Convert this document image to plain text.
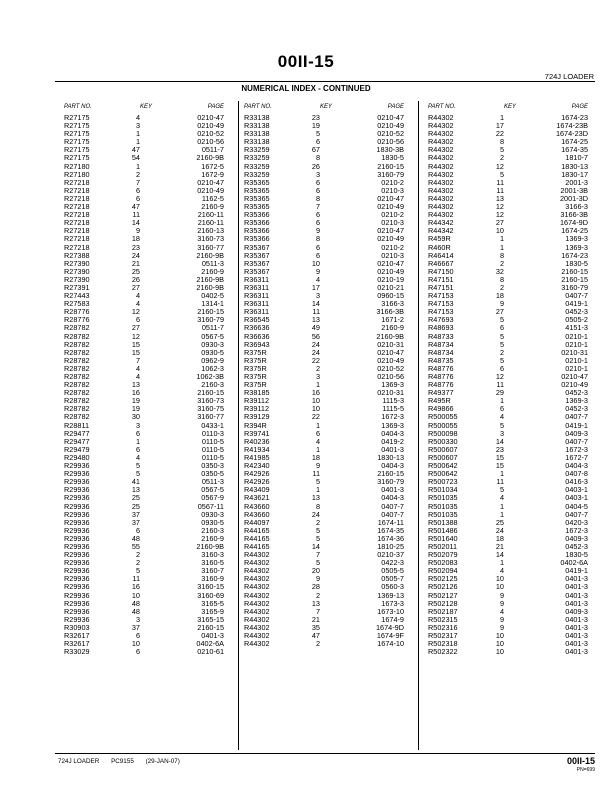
00II-15
724J LOADER
NUMERICAL INDEX - CONTINUED
PART NO.	KEY	PAGE
R27175	4	0210-47
R27175	3	0210-49
R27175	1	0210-52
R27175	1	0210-56
R27175	47	0511-7
R27175	54	2160-9B
R27180	1	1672-5
R27180	2	1672-9
R27218	7	0210-47
R27218	6	0210-49
R27218	6	1162-5
R27218	47	2160-9
R27218	11	2160-11
R27218	14	2160-11
R27218	9	2160-13
R27218	18	3160-73
R27218	23	3160-77
R27388	24	2160-9B
R27390	21	0511-3
R27390	25	2160-9
R27390	26	2160-9B
R27391	27	2160-9B
R27443	4	0402-5
R27583	4	1314-1
R28776	12	2160-15
R28776	6	3160-79
R28782	27	0511-7
R28782	12	0567-5
R28782	15	0930-3
R28782	15	0930-5
R28782	7	0962-9
R28782	4	1062-3
R28782	4	1062-3B
R28782	13	2160-3
R28782	16	2160-15
R28782	19	3160-73
R28782	19	3160-75
R28782	30	3160-77
R28811	3	0433-1
R29477	6	0110-3
R29477	1	0110-5
R29479	6	0110-5
R29480	4	0110-5
R29936	5	0350-3
R29936	5	0350-5
R29936	41	0511-3
R29936	13	0567-5
R29936	25	0567-9
R29936	25	0567-11
R29936	37	0930-3
R29936	37	0930-5
R29936	6	2160-3
R29936	48	2160-9
R29936	55	2160-9B
R29936	2	3160-3
R29936	2	3160-5
R29936	5	3160-7
R29936	11	3160-9
R29936	16	3160-15
R29936	10	3160-69
R29936	48	3165-5
R29936	48	3165-9
R29936	3	3165-15
R30903	37	2160-15
R32617	6	0401-3
R32617	10	0402-6A
R33029	6	0210-61
PART NO.	KEY	PAGE
R33138	23	0210-47
R33138	19	0210-49
R33138	5	0210-52
R33138	6	0210-56
R33259	67	1830-3B
R33259	8	1830-5
R33259	26	2160-15
R33259	3	3160-79
R35365	6	0210-2
R35365	6	0210-3
R35365	8	0210-47
R35365	7	0210-49
R35366	6	0210-2
R35366	6	0210-3
R35366	9	0210-47
R35366	8	0210-49
R35367	6	0210-2
R35367	6	0210-3
R35367	10	0210-47
R35367	9	0210-49
R36311	4	0210-19
R36311	17	0210-21
R36311	3	0960-15
R36311	14	3166-3
R36311	11	3166-3B
R36545	13	1671-2
R36636	49	2160-9
R36636	56	2160-9B
R36943	24	0210-31
R375R	24	0210-47
R375R	22	0210-49
R375R	2	0210-52
R375R	3	0210-56
R375R	1	1369-3
R38185	16	0210-31
R39112	10	1115-3
R39112	10	1115-5
R39129	22	1672-3
R394R	1	1369-3
R39741	6	0404-3
R40236	4	0419-2
R41934	1	0401-3
R41985	18	1830-13
R42340	9	0404-3
R42926	11	2160-15
R42926	5	3160-79
R43409	1	0401-3
R43621	13	0404-3
R43660	8	0407-7
R43660	24	0407-7
R44097	2	1674-11
R44165	5	1674-35
R44165	5	1674-36
R44165	14	1810-25
R44302	7	0210-37
R44302	5	0422-3
R44302	20	0505-5
R44302	9	0505-7
R44302	28	0560-3
R44302	2	1369-13
R44302	13	1673-3
R44302	7	1673-10
R44302	21	1674-9
R44302	35	1674-9D
R44302	47	1674-9F
R44302	2	1674-10
PART NO.	KEY	PAGE
R44302	1	1674-23
R44302	17	1674-23B
R44302	22	1674-23D
R44302	8	1674-25
R44302	5	1674-35
R44302	2	1810-7
R44302	12	1830-13
R44302	5	1830-17
R44302	11	2001-3
R44302	11	2001-3B
R44302	13	2001-3D
R44302	12	3166-3
R44302	12	3166-3B
R44342	27	1674-9D
R44342	10	1674-25
R459R	1	1369-3
R460R	1	1369-3
R46414	8	1674-23
R46667	2	1830-5
R47150	32	2160-15
R47151	8	2160-15
R47151	2	3160-79
R47153	18	0407-7
R47153	9	0419-1
R47153	27	0452-3
R47693	5	0505-2
R48693	6	4151-3
R48733	5	0210-1
R48734	5	0210-1
R48734	2	0210-31
R48735	5	0210-1
R48776	6	0210-1
R48776	12	0210-47
R48776	11	0210-49
R49377	29	0452-3
R495R	1	1369-3
R49866	6	0452-3
R500055	4	0407-7
R500055	5	0419-1
R500098	3	0409-3
R500330	14	0407-7
R500607	23	1672-3
R500607	15	1672-7
R500642	15	0404-3
R500642	1	0407-8
R500723	11	0416-3
R501034	5	0403-1
R501035	4	0403-1
R501035	1	0404-5
R501035	1	0407-7
R501388	25	0420-3
R501486	24	1672-3
R501640	18	0409-3
R502011	21	0452-3
R502079	14	1830-5
R502083	1	0402-6A
R502094	4	0419-1
R502125	10	0401-3
R502126	10	0401-3
R502127	9	0401-3
R502128	9	0401-3
R502187	4	0409-3
R502315	9	0401-3
R502316	9	0401-3
R502317	10	0401-3
R502318	10	0401-3
R502322	10	0401-3
724J LOADER PC9155 (29-JAN-07)	00II-15
PN=699
